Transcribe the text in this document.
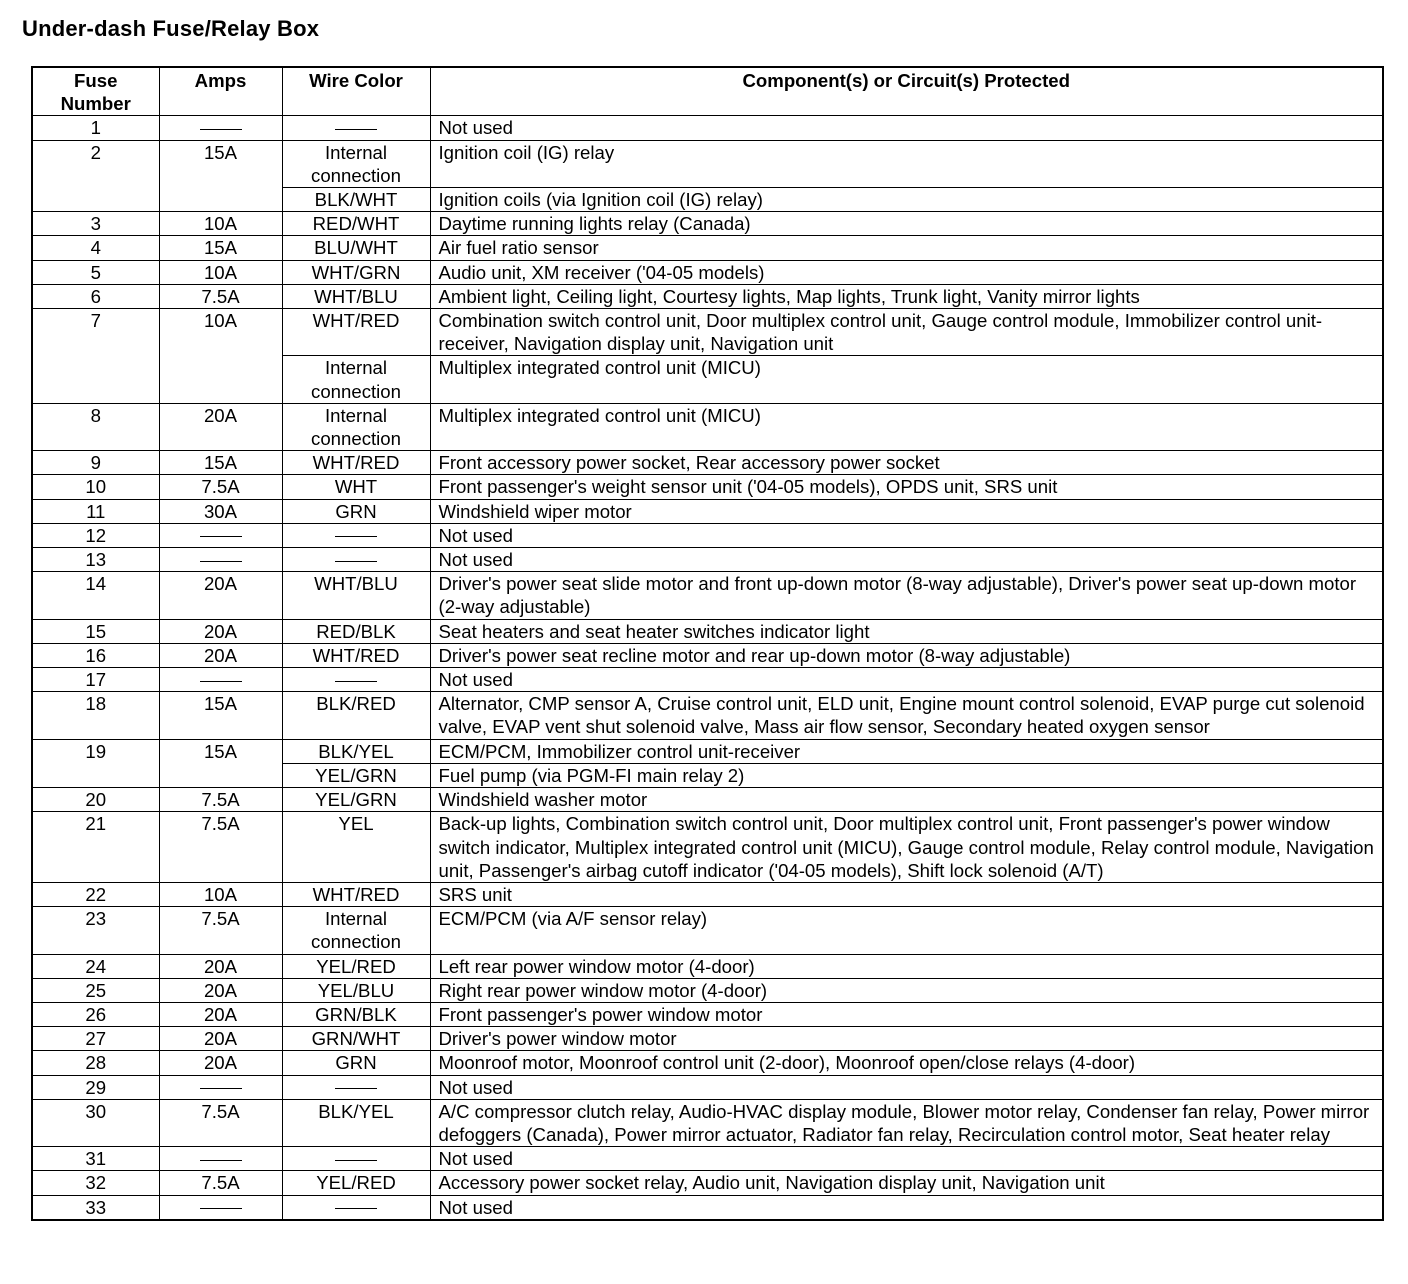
Under-dash Fuse/Relay Box
Fuse
Number	Amps	Wire Color	Component(s) or Circuit(s) Protected
1			Not used
2	15A	Internal connection	Ignition coil (IG) relay
		BLK/WHT	Ignition coils (via Ignition coil (IG) relay)
3	10A	RED/WHT	Daytime running lights relay (Canada)
4	15A	BLU/WHT	Air fuel ratio sensor
5	10A	WHT/GRN	Audio unit, XM receiver ('04-05 models)
6	7.5A	WHT/BLU	Ambient light, Ceiling light, Courtesy lights, Map lights, Trunk light, Vanity mirror lights
7	10A	WHT/RED	Combination switch control unit, Door multiplex control unit, Gauge control module, Immobilizer control unit-receiver, Navigation display unit, Navigation unit
		Internal connection	Multiplex integrated control unit (MICU)
8	20A	Internal connection	Multiplex integrated control unit (MICU)
9	15A	WHT/RED	Front accessory power socket, Rear accessory power socket
10	7.5A	WHT	Front passenger's weight sensor unit ('04-05 models), OPDS unit, SRS unit
11	30A	GRN	Windshield wiper motor
12			Not used
13			Not used
14	20A	WHT/BLU	Driver's power seat slide motor and front up-down motor (8-way adjustable), Driver's power seat up-down motor (2-way adjustable)
15	20A	RED/BLK	Seat heaters and seat heater switches indicator light
16	20A	WHT/RED	Driver's power seat recline motor and rear up-down motor (8-way adjustable)
17			Not used
18	15A	BLK/RED	Alternator, CMP sensor A, Cruise control unit, ELD unit, Engine mount control solenoid, EVAP purge cut solenoid valve, EVAP vent shut solenoid valve, Mass air flow sensor, Secondary heated oxygen sensor
19	15A	BLK/YEL	ECM/PCM, Immobilizer control unit-receiver
		YEL/GRN	Fuel pump (via PGM-FI main relay 2)
20	7.5A	YEL/GRN	Windshield washer motor
21	7.5A	YEL	Back-up lights, Combination switch control unit, Door multiplex control unit, Front passenger's power window switch indicator, Multiplex integrated control unit (MICU), Gauge control module, Relay control module, Navigation unit, Passenger's airbag cutoff indicator ('04-05 models), Shift lock solenoid (A/T)
22	10A	WHT/RED	SRS unit
23	7.5A	Internal connection	ECM/PCM (via A/F sensor relay)
24	20A	YEL/RED	Left rear power window motor (4-door)
25	20A	YEL/BLU	Right rear power window motor (4-door)
26	20A	GRN/BLK	Front passenger's power window motor
27	20A	GRN/WHT	Driver's power window motor
28	20A	GRN	Moonroof motor, Moonroof control unit (2-door), Moonroof open/close relays (4-door)
29			Not used
30	7.5A	BLK/YEL	A/C compressor clutch relay, Audio-HVAC display module, Blower motor relay, Condenser fan relay, Power mirror defoggers (Canada), Power mirror actuator, Radiator fan relay, Recirculation control motor, Seat heater relay
31			Not used
32	7.5A	YEL/RED	Accessory power socket relay, Audio unit, Navigation display unit, Navigation unit
33			Not used
